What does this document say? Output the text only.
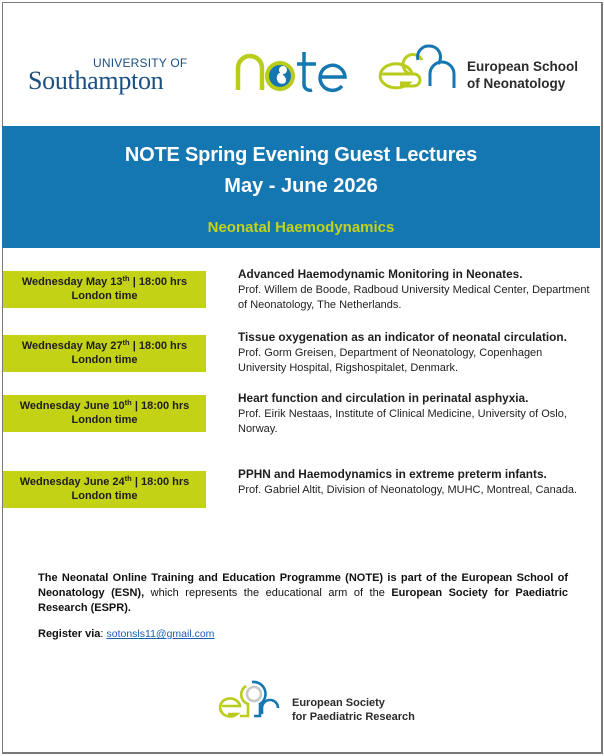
UNIVERSITY OF
Southampton	European School
of Neonatology
NOTE Spring Evening Guest Lectures
May - June 2026
Neonatal Haemodynamics
Wednesday May 13th | 18:00 hrs
London time
Advanced Haemodynamic Monitoring in Neonates.
Prof. Willem de Boode, Radboud University Medical Center, Department of Neonatology, The Netherlands.
Wednesday May 27th | 18:00 hrs
London time
Tissue oxygenation as an indicator of neonatal circulation.
Prof. Gorm Greisen, Department of Neonatology, Copenhagen University Hospital, Rigshospitalet, Denmark.
Wednesday June 10th | 18:00 hrs
London time
Heart function and circulation in perinatal asphyxia.
Prof. Eirik Nestaas, Institute of Clinical Medicine, University of Oslo, Norway.
Wednesday June 24th | 18:00 hrs
London time
PPHN and Haemodynamics in extreme preterm infants.
Prof. Gabriel Altit, Division of Neonatology, MUHC, Montreal, Canada.
The Neonatal Online Training and Education Programme (NOTE) is part of the European School of Neonatology (ESN), which represents the educational arm of the European Society for Paediatric Research (ESPR).
Register via: sotonsls11@gmail.com
European Society
for Paediatric Research
